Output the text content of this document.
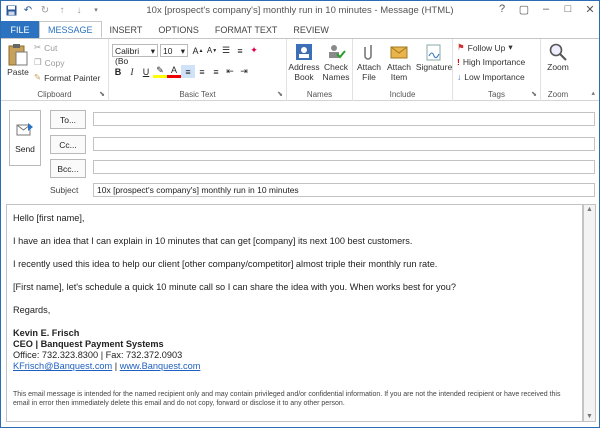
↶ ↻	↑	↓	▾	10x [prospect's company's] monthly run in 10 minutes - Message (HTML)	?	▢	–	□	✕
FILE	MESSAGE	INSERT	OPTIONS	FORMAT TEXT	REVIEW
Paste
✂ Cut
❐ Copy
✎ Format Painter
Clipboard	⬊
Calibri (Bo
▾ 10 ▾ A ▲ A ▼ ☰ ≡ ✦
B	I	U ✎ A ≡ ≡ ≡ ⇤ ⇥
Basic Text	⬊
Address Book
Check Names
Names
Attach File
Attach Item
Signature
Include
⚑ Follow Up ▾
! High Importance
↓ Low Importance
Tags	⬊
Zoom
Zoom	▴
Send
To...
Cc...
Bcc...
Subject	10x [prospect's company's] monthly run in 10 minutes

Hello [first name],

I have an idea that I can explain in 10 minutes that can get [company] its next 100 best customers.

I recently used this idea to help our client [other company/competitor] almost triple their monthly run rate.

[First name], let's schedule a quick 10 minute call so I can share the idea with you. When works best for you?

Regards,

Kevin E. Frisch
CEO | Banquest Payment Systems
Office: 732.323.8300 | Fax: 732.372.0903
KFrisch@Banquest.com | www.Banquest.com
This email message is intended for the named recipient only and may contain privileged and/or confidential information. If you are not the intended recipient or have received this email in error then immediately delete this email and do not copy, forward or disclose it to any other person.
▲
▼
